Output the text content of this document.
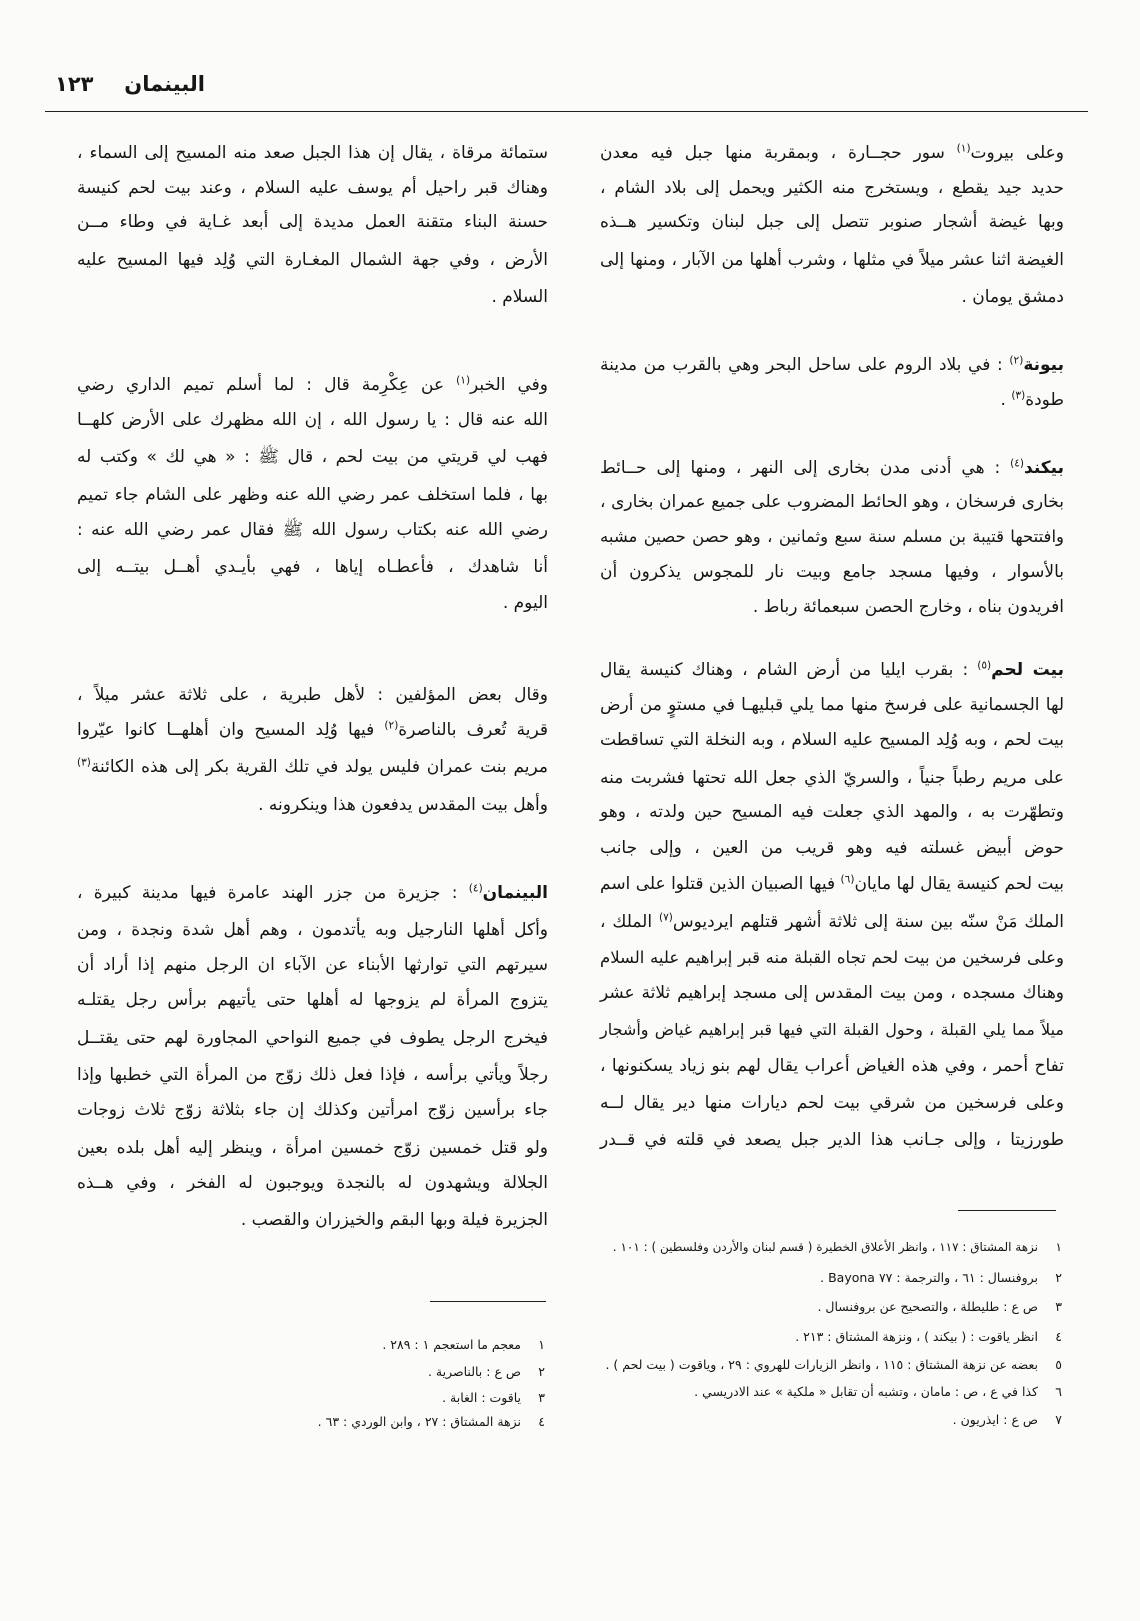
البينمان
١٢٣
وعلى بيروت$^{(١)}$ سور حجــارة ، وبمقربة منها جبل فيه معدن
حديد جيد يقطع ، ويستخرج منه الكثير ويحمل إلى بلاد الشام ،
وبها غيضة أشجار صنوبر تتصل إلى جبل لبنان وتكسير هــذه
الغيضة اثنا عشر ميلاً في مثلها ، وشرب أهلها من الآبار ، ومنها إلى
دمشق يومان .
بيونة$^{(٢)}$ : في بلاد الروم على ساحل البحر وهي بالقرب من مدينة
طودة$^{(٣)}$ .
بيكند$^{(٤)}$ : هي أدنى مدن بخارى إلى النهر ، ومنها إلى حــائط
بخارى فرسخان ، وهو الحائط المضروب على جميع عمران بخارى ،
وافتتحها قتيبة بن مسلم سنة سبع وثمانين ، وهو حصن حصين مشبه
بالأسوار ، وفيها مسجد جامع وبيت نار للمجوس يذكرون أن
افريدون بناه ، وخارج الحصن سبعمائة رباط .
بيت لحم$^{(٥)}$ : بقرب ايليا من أرض الشام ، وهناك كنيسة يقال
لها الجسمانية على فرسخ منها مما يلي قبليهـا في مستوٍ من أرض
بيت لحم ، وبه وُلِد المسيح عليه السلام ، وبه النخلة التي تساقطت
على مريم رطباً جنياً ، والسريّ الذي جعل الله تحتها فشربت منه
وتطهّرت به ، والمهد الذي جعلت فيه المسيح حين ولدته ، وهو
حوض أبيض غسلته فيه وهو قريب من العين ، وإلى جانب
بيت لحم كنيسة يقال لها مايان$^{(٦)}$ فيها الصبيان الذين قتلوا على اسم
الملك مَنْ سنّه بين سنة إلى ثلاثة أشهر قتلهم ايرديوس$^{(٧)}$ الملك ،
وعلى فرسخين من بيت لحم تجاه القبلة منه قبر إبراهيم عليه السلام
وهناك مسجده ، ومن بيت المقدس إلى مسجد إبراهيم ثلاثة عشر
ميلاً مما يلي القبلة ، وحول القبلة التي فيها قبر إبراهيم غياض وأشجار
تفاح أحمر ، وفي هذه الغياض أعراب يقال لهم بنو زياد يسكنونها ،
وعلى فرسخين من شرقي بيت لحم ديارات منها دير يقال لــه
طورزيتا ، وإلى جـانب هذا الدير جبل يصعد في قلته في قــدر
١نزهة المشتاق : ١١٧ ، وانظر الأعلاق الخطيرة ( قسم لبنان والأردن وفلسطين ) : ١٠١ .
٢بروفنسال : ٦١ ، والترجمة : ٧٧ Bayona .
٣ص ع : طليطلة ، والتصحيح عن بروفنسال .
٤انظر ياقوت : ( بيكند ) ، ونزهة المشتاق : ٢١٣ .
٥بعضه عن نزهة المشتاق : ١١٥ ، وانظر الزيارات للهروي : ٢٩ ، وياقوت ( بيت لحم ) .
٦كذا في ع ، ص : مامان ، وتشبه أن تقابل « ملكية » عند الادريسي .
٧ص ع : ايذريون .
ستمائة مرقاة ، يقال إن هذا الجبل صعد منه المسيح إلى السماء ،
وهناك قبر راحيل أم يوسف عليه السلام ، وعند بيت لحم كنيسة
حسنة البناء متقنة العمل مديدة إلى أبعد غـاية في وطاء مــن
الأرض ، وفي جهة الشمال المغـارة التي وُلِد فيها المسيح عليه
السلام .
وفي الخبر$^{(١)}$ عن عِكْرِمة قال : لما أسلم تميم الداري رضي
الله عنه قال : يا رسول الله ، إن الله مظهرك على الأرض كلهــا
فهب لي قريتي من بيت لحم ، قال ﷺ : « هي لك » وكتب له
بها ، فلما استخلف عمر رضي الله عنه وظهر على الشام جاء تميم
رضي الله عنه بكتاب رسول الله ﷺ فقال عمر رضي الله عنه :
أنا شاهدك ، فأعطـاه إياها ، فهي بأيـدي أهــل بيتــه إلى
اليوم .
وقال بعض المؤلفين : لأهل طبرية ، على ثلاثة عشر ميلاً ،
قرية تُعرف بالناصرة$^{(٢)}$ فيها وُلِد المسيح وان أهلهــا كانوا عيّروا
مريم بنت عمران فليس يولد في تلك القرية بكر إلى هذه الكائنة$^{(٣)}$
وأهل بيت المقدس يدفعون هذا وينكرونه .
البينمان$^{(٤)}$ : جزيرة من جزر الهند عامرة فيها مدينة كبيرة ،
وأكل أهلها النارجيل وبه يأتدمون ، وهم أهل شدة ونجدة ، ومن
سيرتهم التي توارثها الأبناء عن الآباء ان الرجل منهم إذا أراد أن
يتزوج المرأة لم يزوجها له أهلها حتى يأتيهم برأس رجل يقتلـه
فيخرج الرجل يطوف في جميع النواحي المجاورة لهم حتى يقتــل
رجلاً ويأتي برأسه ، فإذا فعل ذلك زوّج من المرأة التي خطبها وإذا
جاء برأسين زوّج امرأتين وكذلك إن جاء بثلاثة زوّج ثلاث زوجات
ولو قتل خمسين زوّج خمسين امرأة ، وينظر إليه أهل بلده بعين
الجلالة ويشهدون له بالنجدة ويوجبون له الفخر ، وفي هــذه
الجزيرة فيلة وبها البقم والخيزران والقصب .
١معجم ما استعجم ١ : ٢٨٩ .
٢ص ع : بالناصرية .
٣ياقوت : الغابة .
٤نزهة المشتاق : ٢٧ ، وابن الوردي : ٦٣ .
